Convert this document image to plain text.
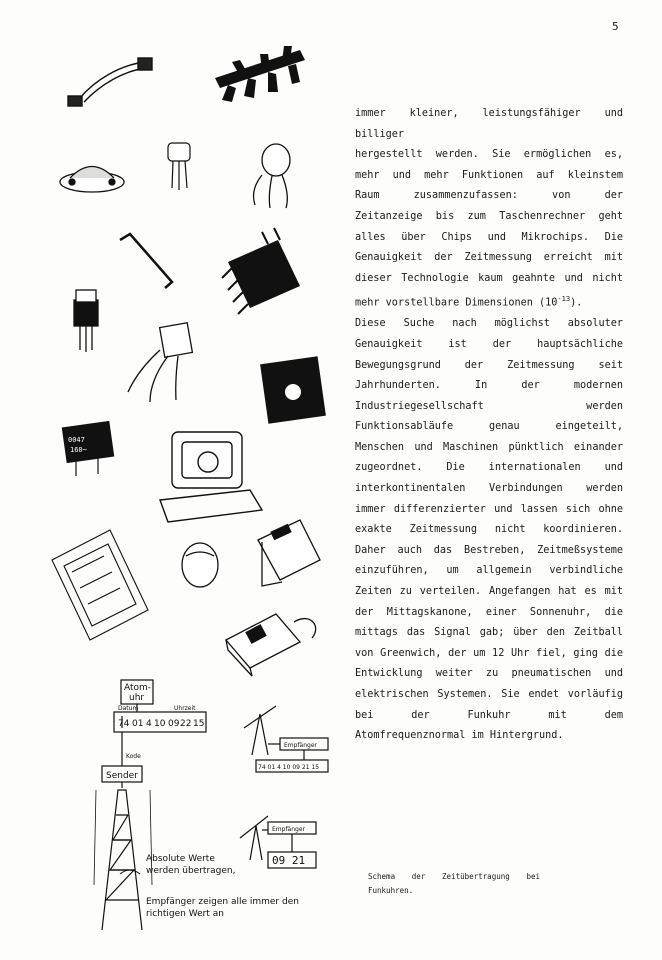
5
0047
160~
Atom-
uhr
Datum	Uhrzeit
74 01 4 10 09 22 15
Kode
Sender
Empfänger
74 01 4 10 09 21 15
Empfänger
09 21
Absolute Werte
werden übertragen,
Empfänger zeigen alle immer den
richtigen Wert an

immer kleiner, leistungsfähiger und billiger

hergestellt werden. Sie ermöglichen es,

mehr und mehr Funktionen auf kleinstem

Raum zusammenzufassen: von der

Zeitanzeige bis zum Taschenrechner geht

alles über Chips und Mikrochips. Die

Genauigkeit der Zeitmessung erreicht mit

dieser Technologie kaum geahnte und nicht

mehr vorstellbare Dimensionen $(10^{-13})$.

Diese Suche nach möglichst absoluter

Genauigkeit ist der hauptsächliche

Bewegungsgrund der Zeitmessung seit

Jahrhunderten. In der modernen

Industriegesellschaft werden

Funktionsabläufe genau eingeteilt,

Menschen und Maschinen pünktlich einander

zugeordnet. Die internationalen und

interkontinentalen Verbindungen werden

immer differenzierter und lassen sich ohne

exakte Zeitmessung nicht koordinieren.

Daher auch das Bestreben, Zeitmeßsysteme

einzuführen, um allgemein verbindliche

Zeiten zu verteilen. Angefangen hat es mit

der Mittagskanone, einer Sonnenuhr, die

mittags das Signal gab; über den Zeitball

von Greenwich, der um 12 Uhr fiel, ging die

Entwicklung weiter zu pneumatischen und

elektrischen Systemen. Sie endet vorläufig

bei der Funkuhr mit dem

Atomfrequenznormal im Hintergrund.

Schema der Zeitübertragung bei

Funkuhren.
